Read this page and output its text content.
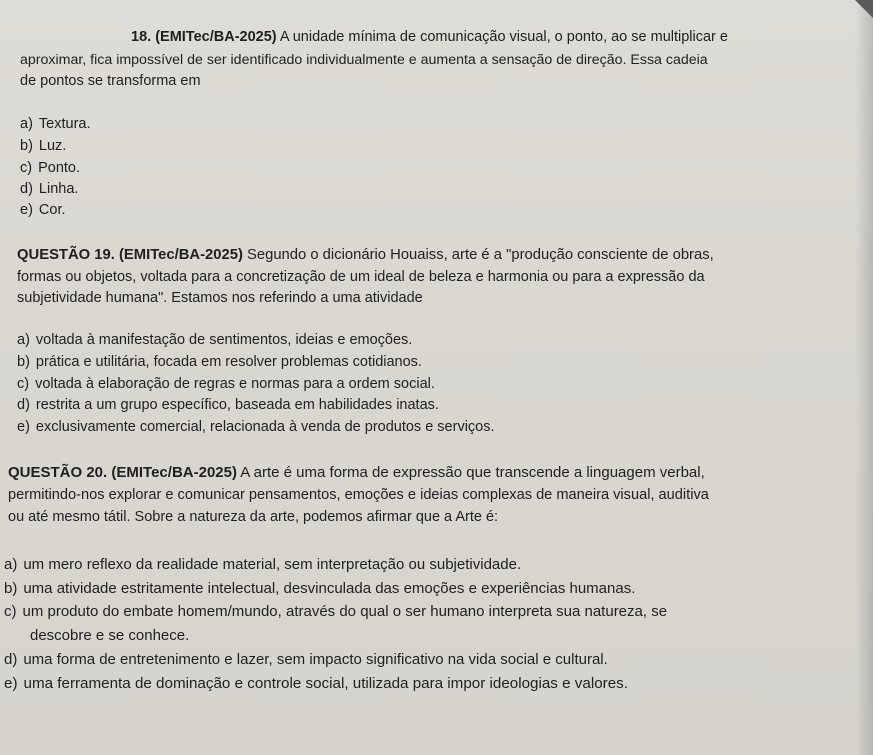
18. (EMITec/BA-2025) A unidade mínima de comunicação visual, o ponto, ao se multiplicar e
aproximar, fica impossível de ser identificado individualmente e aumenta a sensação de direção. Essa cadeia
de pontos se transforma em
a) Textura.
b) Luz.
c) Ponto.
d) Linha.
e) Cor.
QUESTÃO 19. (EMITec/BA-2025) Segundo o dicionário Houaiss, arte é a "produção consciente de obras,
formas ou objetos, voltada para a concretização de um ideal de beleza e harmonia ou para a expressão da
subjetividade humana". Estamos nos referindo a uma atividade
a) voltada à manifestação de sentimentos, ideias e emoções.
b) prática e utilitária, focada em resolver problemas cotidianos.
c) voltada à elaboração de regras e normas para a ordem social.
d) restrita a um grupo específico, baseada em habilidades inatas.
e) exclusivamente comercial, relacionada à venda de produtos e serviços.
QUESTÃO 20. (EMITec/BA-2025) A arte é uma forma de expressão que transcende a linguagem verbal,
permitindo-nos explorar e comunicar pensamentos, emoções e ideias complexas de maneira visual, auditiva
ou até mesmo tátil. Sobre a natureza da arte, podemos afirmar que a Arte é:
a) um mero reflexo da realidade material, sem interpretação ou subjetividade.
b) uma atividade estritamente intelectual, desvinculada das emoções e experiências humanas.
c) um produto do embate homem/mundo, através do qual o ser humano interpreta sua natureza, se
descobre e se conhece.
d) uma forma de entretenimento e lazer, sem impacto significativo na vida social e cultural.
e) uma ferramenta de dominação e controle social, utilizada para impor ideologias e valores.
